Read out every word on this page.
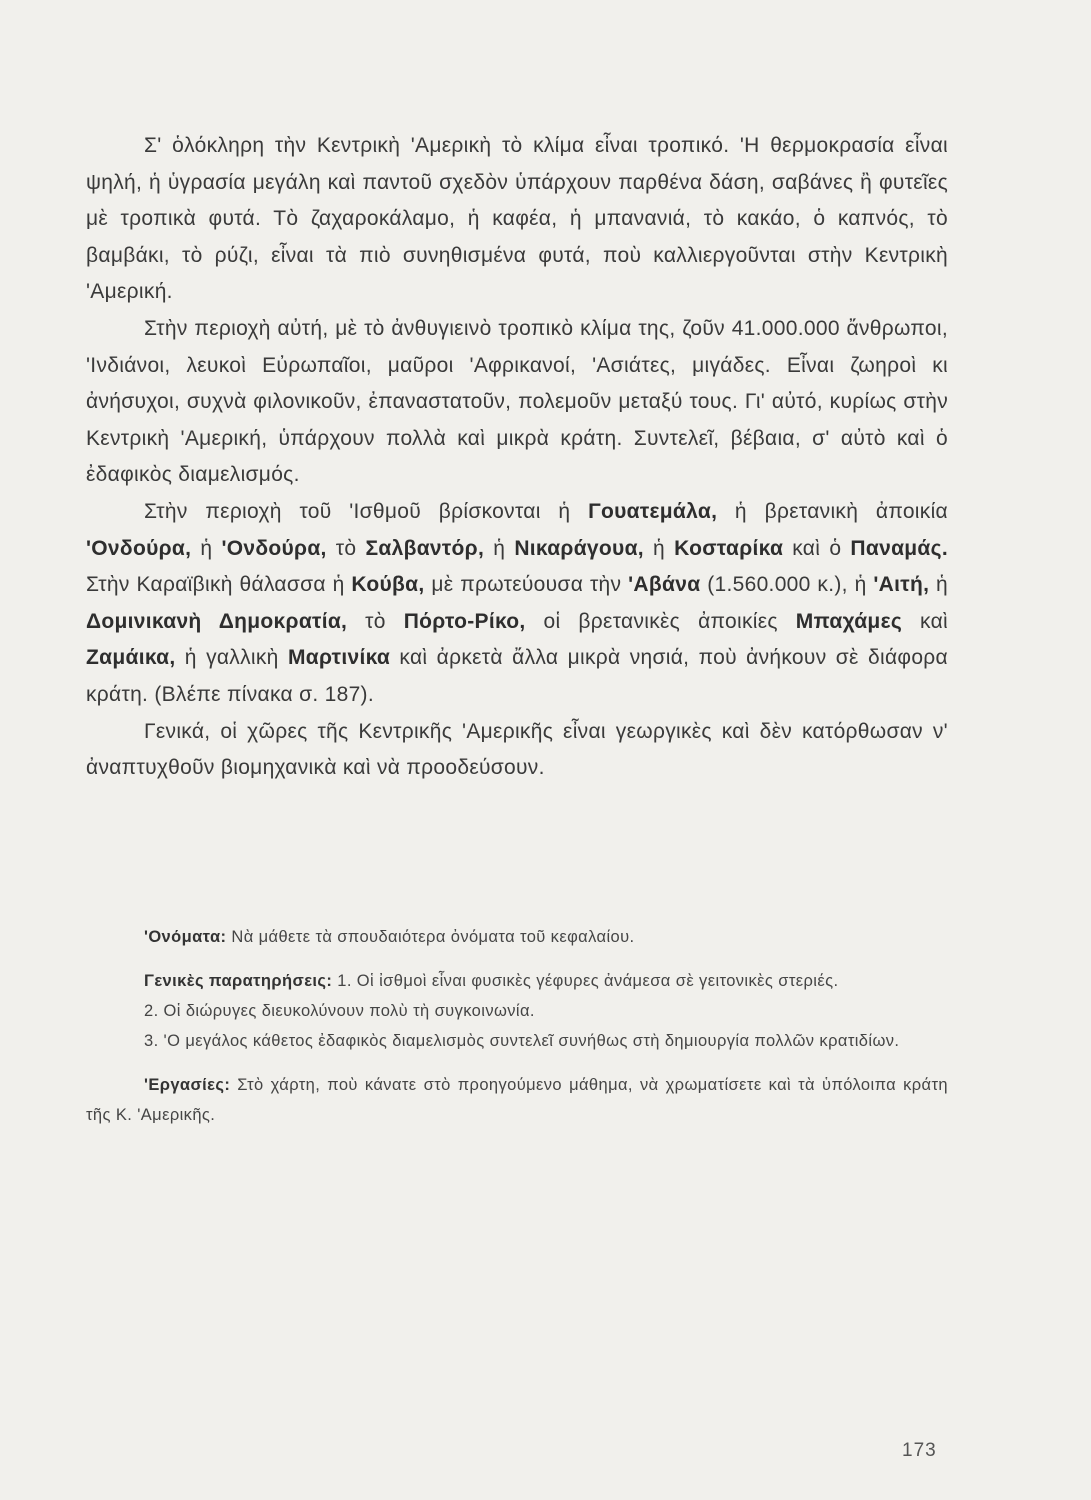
Σ' ὁλόκληρη τὴν Κεντρικὴ 'Αμερικὴ τὸ κλίμα εἶναι τροπικό. 'Η θερμοκρασία εἶναι ψηλή, ἡ ὑγρασία μεγάλη καὶ παντοῦ σχεδὸν ὑπάρχουν παρθένα δάση, σαβάνες ἢ φυτεῖες μὲ τροπικὰ φυτά. Τὸ ζαχαροκάλαμο, ἡ καφέα, ἡ μπανανιά, τὸ κακάο, ὁ καπνός, τὸ βαμβάκι, τὸ ρύζι, εἶναι τὰ πιὸ συνηθισμένα φυτά, ποὺ καλλιεργοῦνται στὴν Κεντρικὴ 'Αμερική.

Στὴν περιοχὴ αὐτή, μὲ τὸ ἀνθυγιεινὸ τροπικὸ κλίμα της, ζοῦν 41.000.000 ἄνθρωποι, 'Ινδιάνοι, λευκοὶ Εὐρωπαῖοι, μαῦροι 'Αφρικανοί, 'Ασιάτες, μιγάδες. Εἶναι ζωηροὶ κι ἀνήσυχοι, συχνὰ φιλονικοῦν, ἐπαναστατοῦν, πολεμοῦν μεταξύ τους. Γι' αὐτό, κυρίως στὴν Κεντρικὴ 'Αμερική, ὑπάρχουν πολλὰ καὶ μικρὰ κράτη. Συντελεῖ, βέβαια, σ' αὐτὸ καὶ ὁ ἐδαφικὸς διαμελισμός.

Στὴν περιοχὴ τοῦ 'Ισθμοῦ βρίσκονται ἡ Γουατεμάλα, ἡ βρετανικὴ ἀποικία 'Ονδούρα, ἡ 'Ονδούρα, τὸ Σαλβαντόρ, ἡ Νικαράγουα, ἡ Κοσταρίκα καὶ ὁ Παναμάς. Στὴν Καραϊβικὴ θάλασσα ἡ Κούβα, μὲ πρωτεύουσα τὴν 'Αβάνα (1.560.000 κ.), ἡ 'Αιτή, ἡ Δομινικανὴ Δημοκρατία, τὸ Πόρτο-Ρίκο, οἱ βρετανικὲς ἀποικίες Μπαχάμες καὶ Ζαμάικα, ἡ γαλλικὴ Μαρτινίκα καὶ ἀρκετὰ ἄλλα μικρὰ νησιά, ποὺ ἀνήκουν σὲ διάφορα κράτη. (Βλέπε πίνακα σ. 187).

Γενικά, οἱ χῶρες τῆς Κεντρικῆς 'Αμερικῆς εἶναι γεωργικὲς καὶ δὲν κατόρθωσαν ν' ἀναπτυχθοῦν βιομηχανικὰ καὶ νὰ προοδεύσουν.

'Ονόματα: Νὰ μάθετε τὰ σπουδαιότερα ὀνόματα τοῦ κεφαλαίου.

Γενικὲς παρατηρήσεις: 1. Οἱ ἰσθμοὶ εἶναι φυσικὲς γέφυρες ἀνάμεσα σὲ γειτονικὲς στεριές.

2. Οἱ διώρυγες διευκολύνουν πολὺ τὴ συγκοινωνία.

3. 'Ο μεγάλος κάθετος ἐδαφικὸς διαμελισμὸς συντελεῖ συνήθως στὴ δημιουργία πολλῶν κρατιδίων.

'Εργασίες: Στὸ χάρτη, ποὺ κάνατε στὸ προηγούμενο μάθημα, νὰ χρωματίσετε καὶ τὰ ὑπόλοιπα κράτη τῆς Κ. 'Αμερικῆς.

173
